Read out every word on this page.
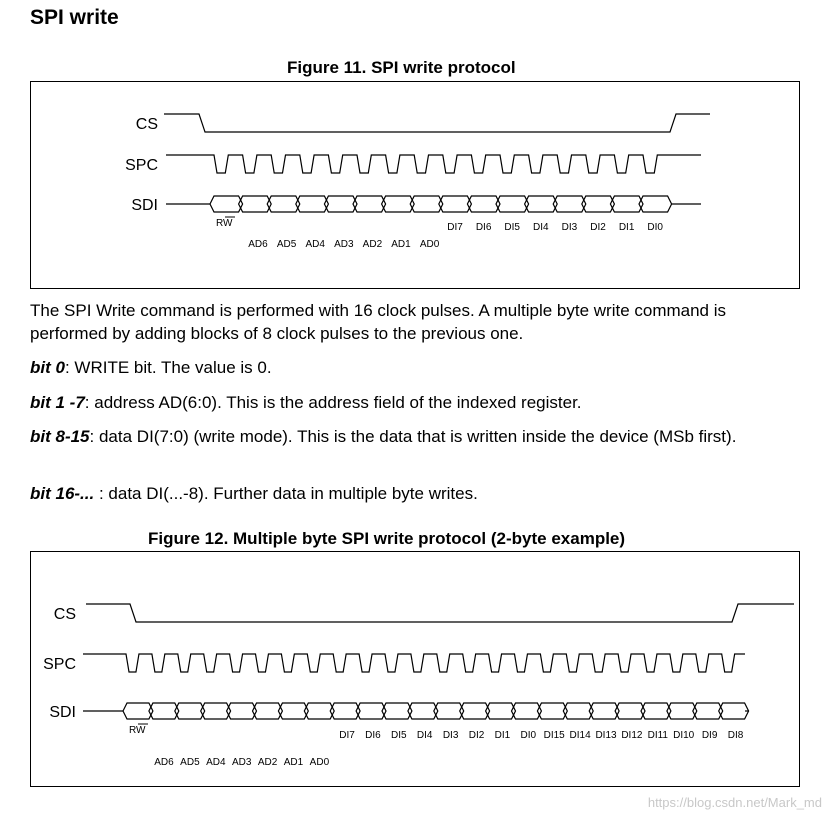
SPI write
Figure 11. SPI write protocol
CS
SPC
SDI
RW
AD6 AD5 AD4 AD3 AD2 AD1 AD0
DI7 DI6 DI5 DI4 DI3 DI2 DI1 DI0

The SPI Write command is performed with 16 clock pulses. A multiple byte write command is performed by adding blocks of 8 clock pulses to the previous one.

bit 0: WRITE bit. The value is 0.

bit 1 -7: address AD(6:0). This is the address field of the indexed register.

bit 8-15: data DI(7:0) (write mode). This is the data that is written inside the device (MSb first).

bit 16-... : data DI(...-8). Further data in multiple byte writes.

Figure 12. Multiple byte SPI write protocol (2-byte example)
CS
SPC
SDI
RW
AD6 AD5 AD4 AD3 AD2 AD1 AD0
DI7 DI6 DI5 DI4 DI3 DI2 DI1 DI0 DI15 DI14 DI13 DI12 DI11 DI10 DI9 DI8
https://blog.csdn.net/Mark_md
